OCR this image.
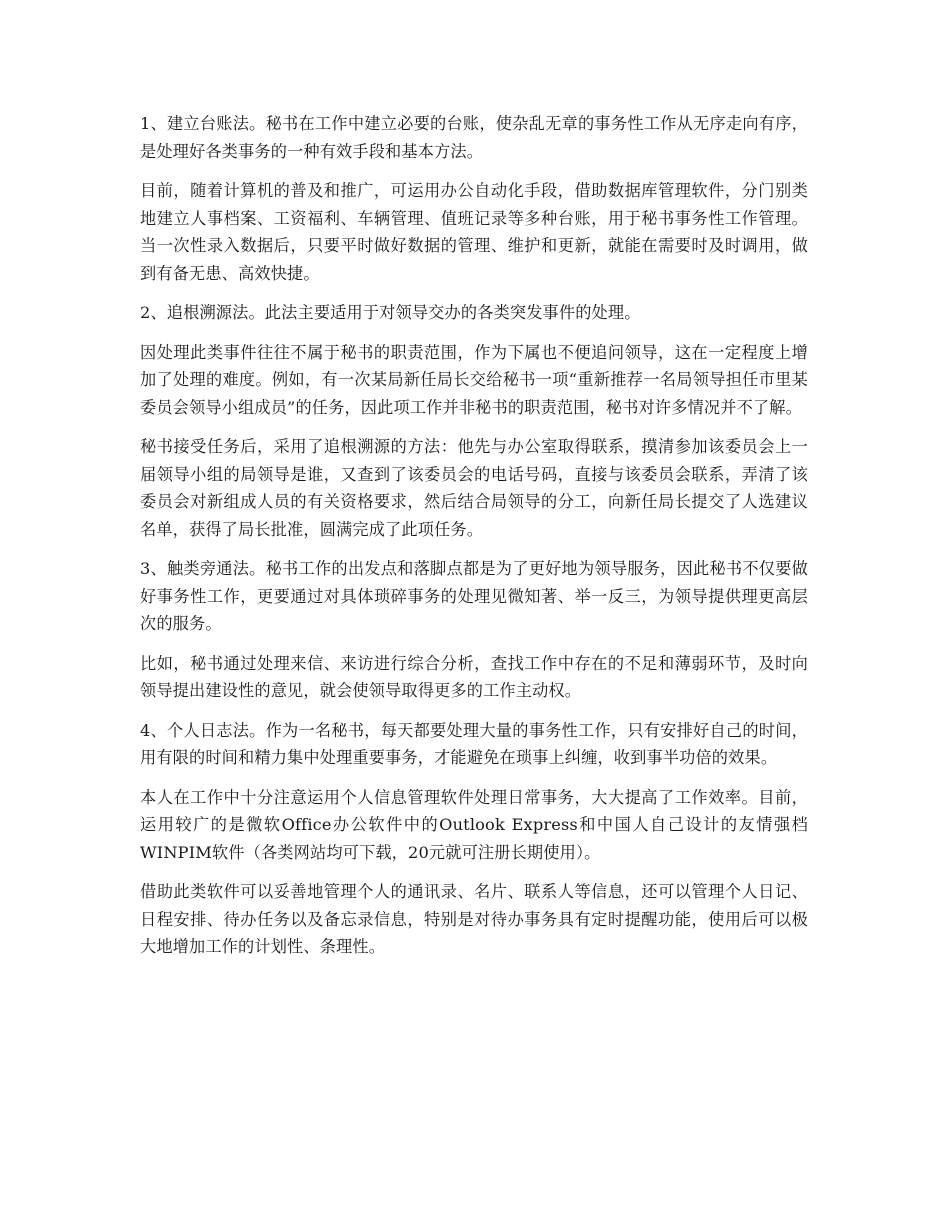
1、建立台账法。秘书在工作中建立必要的台账，使杂乱无章的事务性工作从无序走向有序，是处理好各类事务的一种有效手段和基本方法。

目前，随着计算机的普及和推广，可运用办公自动化手段，借助数据库管理软件，分门别类地建立人事档案、工资福利、车辆管理、值班记录等多种台账，用于秘书事务性工作管理。当一次性录入数据后，只要平时做好数据的管理、维护和更新，就能在需要时及时调用，做到有备无患、高效快捷。

2、追根溯源法。此法主要适用于对领导交办的各类突发事件的处理。

因处理此类事件往往不属于秘书的职责范围，作为下属也不便追问领导，这在一定程度上增加了处理的难度。例如，有一次某局新任局长交给秘书一项“重新推荐一名局领导担任市里某委员会领导小组成员”的任务，因此项工作并非秘书的职责范围，秘书对许多情况并不了解。

秘书接受任务后，采用了追根溯源的方法：他先与办公室取得联系，摸清参加该委员会上一届领导小组的局领导是谁，又查到了该委员会的电话号码，直接与该委员会联系，弄清了该委员会对新组成人员的有关资格要求，然后结合局领导的分工，向新任局长提交了人选建议名单，获得了局长批准，圆满完成了此项任务。

3、触类旁通法。秘书工作的出发点和落脚点都是为了更好地为领导服务，因此秘书不仅要做好事务性工作，更要通过对具体琐碎事务的处理见微知著、举一反三，为领导提供理更高层次的服务。

比如，秘书通过处理来信、来访进行综合分析，查找工作中存在的不足和薄弱环节，及时向领导提出建设性的意见，就会使领导取得更多的工作主动权。

4、个人日志法。作为一名秘书，每天都要处理大量的事务性工作，只有安排好自己的时间，用有限的时间和精力集中处理重要事务，才能避免在琐事上纠缠，收到事半功倍的效果。

本人在工作中十分注意运用个人信息管理软件处理日常事务，大大提高了工作效率。目前，运用较广的是微软Office办公软件中的Outlook Express和中国人自己设计的友情强档WINPIM软件（各类网站均可下载，20元就可注册长期使用）。

借助此类软件可以妥善地管理个人的通讯录、名片、联系人等信息，还可以管理个人日记、日程安排、待办任务以及备忘录信息，特别是对待办事务具有定时提醒功能，使用后可以极大地增加工作的计划性、条理性。
